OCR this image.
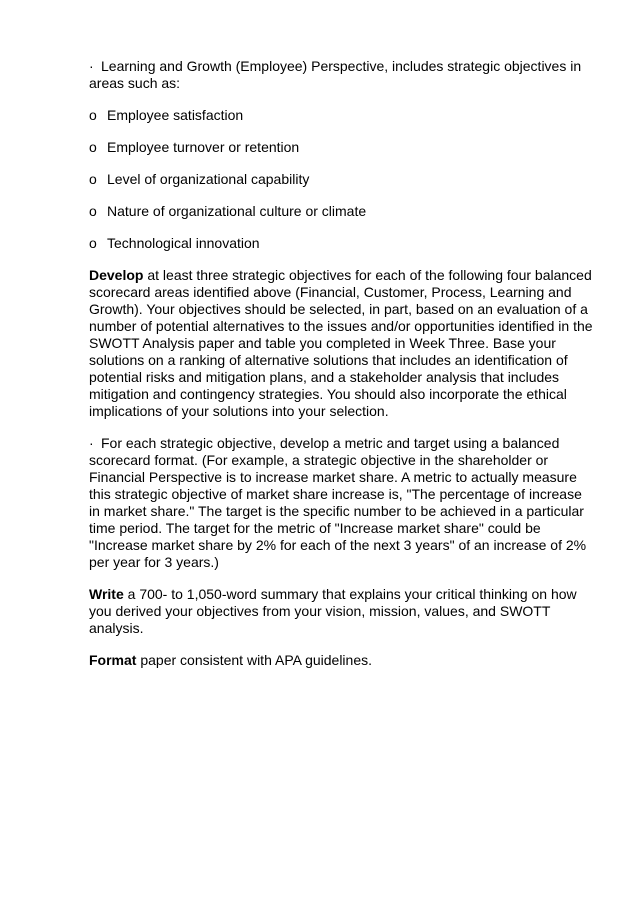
· Learning and Growth (Employee) Perspective, includes strategic objectives in areas such as:

o Employee satisfaction

o Employee turnover or retention

o Level of organizational capability

o Nature of organizational culture or climate

o Technological innovation

Develop at least three strategic objectives for each of the following four balanced scorecard areas identified above (Financial, Customer, Process, Learning and Growth). Your objectives should be selected, in part, based on an evaluation of a number of potential alternatives to the issues and/or opportunities identified in the SWOTT Analysis paper and table you completed in Week Three. Base your solutions on a ranking of alternative solutions that includes an identification of potential risks and mitigation plans, and a stakeholder analysis that includes mitigation and contingency strategies. You should also incorporate the ethical implications of your solutions into your selection.

· For each strategic objective, develop a metric and target using a balanced scorecard format. (For example, a strategic objective in the shareholder or Financial Perspective is to increase market share. A metric to actually measure this strategic objective of market share increase is, "The percentage of increase in market share." The target is the specific number to be achieved in a particular time period. The target for the metric of "Increase market share" could be "Increase market share by 2% for each of the next 3 years" of an increase of 2% per year for 3 years.)

Write a 700- to 1,050-word summary that explains your critical thinking on how you derived your objectives from your vision, mission, values, and SWOTT analysis.

Format paper consistent with APA guidelines.
